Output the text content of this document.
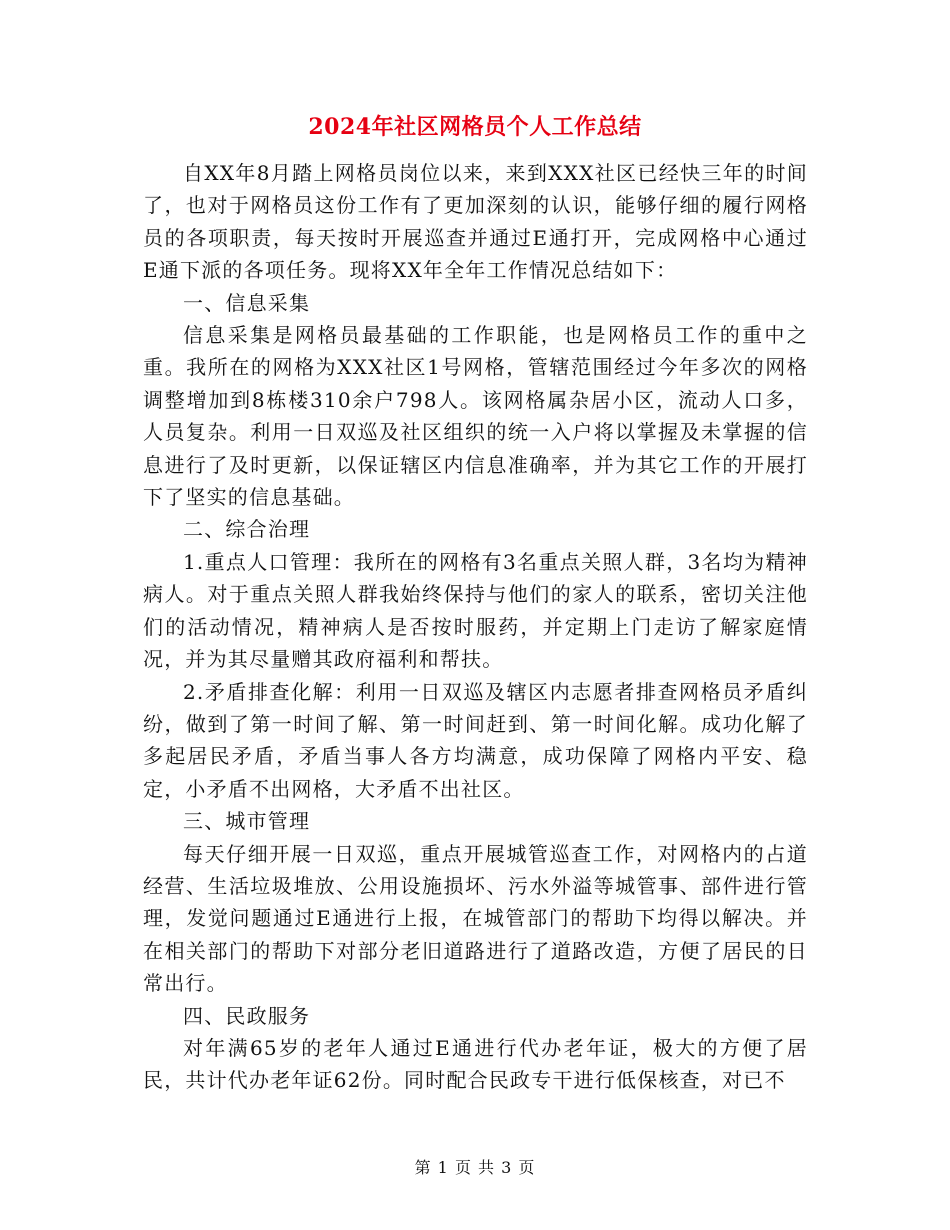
2024年社区网格员个人工作总结

自XX年8月踏上网格员岗位以来，来到XXX社区已经快三年的时间了，也对于网格员这份工作有了更加深刻的认识，能够仔细的履行网格员的各项职责，每天按时开展巡查并通过E通打开，完成网格中心通过E通下派的各项任务。现将XX年全年工作情况总结如下：

一、信息采集

信息采集是网格员最基础的工作职能，也是网格员工作的重中之重。我所在的网格为XXX社区1号网格，管辖范围经过今年多次的网格调整增加到8栋楼310余户798人。该网格属杂居小区，流动人口多，人员复杂。利用一日双巡及社区组织的统一入户将以掌握及未掌握的信息进行了及时更新，以保证辖区内信息准确率，并为其它工作的开展打下了坚实的信息基础。

二、综合治理

1.重点人口管理：我所在的网格有3名重点关照人群，3名均为精神病人。对于重点关照人群我始终保持与他们的家人的联系，密切关注他们的活动情况，精神病人是否按时服药，并定期上门走访了解家庭情况，并为其尽量赠其政府福利和帮扶。

2.矛盾排查化解：利用一日双巡及辖区内志愿者排查网格员矛盾纠纷，做到了第一时间了解、第一时间赶到、第一时间化解。成功化解了多起居民矛盾，矛盾当事人各方均满意，成功保障了网格内平安、稳定，小矛盾不出网格，大矛盾不出社区。

三、城市管理

每天仔细开展一日双巡，重点开展城管巡查工作，对网格内的占道经营、生活垃圾堆放、公用设施损坏、污水外溢等城管事、部件进行管理，发觉问题通过E通进行上报，在城管部门的帮助下均得以解决。并在相关部门的帮助下对部分老旧道路进行了道路改造，方便了居民的日常出行。

四、民政服务

对年满65岁的老年人通过E通进行代办老年证，极大的方便了居民，共计代办老年证62份。同时配合民政专干进行低保核查，对已不

第 1 页 共 3 页
